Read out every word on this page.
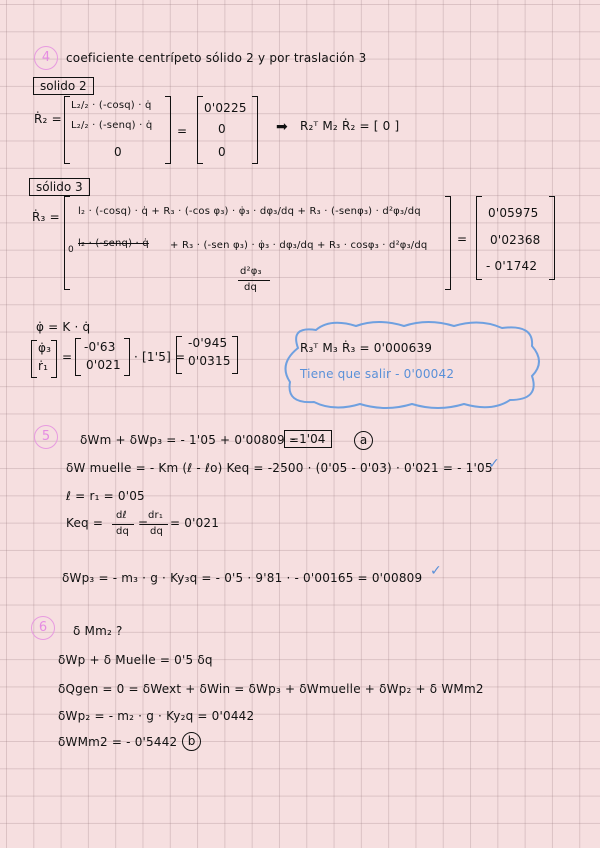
4	coeficiente centrípeto sólido 2 y por traslación 3
solido 2
Ṙ₂ =
L₂/₂ · (-cosq) · q̇
L₂/₂ · (-senq) · q̇
0
=
0'0225
0
0
➡ R₂ᵀ M₂ Ṙ₂ = [ 0 ]
sólido 3
Ṙ₃ = l₂ · (-cosq) · q̇ + R₃ · (-cos φ₃) · φ̇₃ · dφ₃/dq + R₃ · (-senφ₃) · d²φ₃/dq
0
l₂ · (-senq) · q̇ + R₃ · (-sen φ₃) · φ̇₃ · dφ₃/dq + R₃ · cosφ₃ · d²φ₃/dq
d²φ₃
dq
=
0'05975
0'02368
- 0'1742
φ̇ = K · q̇
φ̇₃
ṙ₁
=
-0'63
0'021
· [1'5] =
-0'945
0'0315
R₃ᵀ M₃ Ṙ₃ = 0'000639
Tiene que salir - 0'00042
5	δWm + δWp₃ = - 1'05 + 0'00809 =
- 1'04	a
δW muelle = - Km (ℓ - ℓo) Keq = -2500 · (0'05 - 0'03) · 0'021 = - 1'05
✓
ℓ = r₁ = 0'05
Keq =
dℓ
dq
=
dr₁
dq
= 0'021
δWp₃ = - m₃ · g · Ky₃q = - 0'5 · 9'81 · - 0'00165 = 0'00809 ✓
6	δ Mm₂ ?
δWp + δ Muelle = 0'5 δq
δQgen = 0 = δWext + δWin = δWp₃ + δWmuelle + δWp₂ + δ WMm2
δWp₂ = - m₂ · g · Ky₂q = 0'0442
δWMm2 = - 0'5442 b
